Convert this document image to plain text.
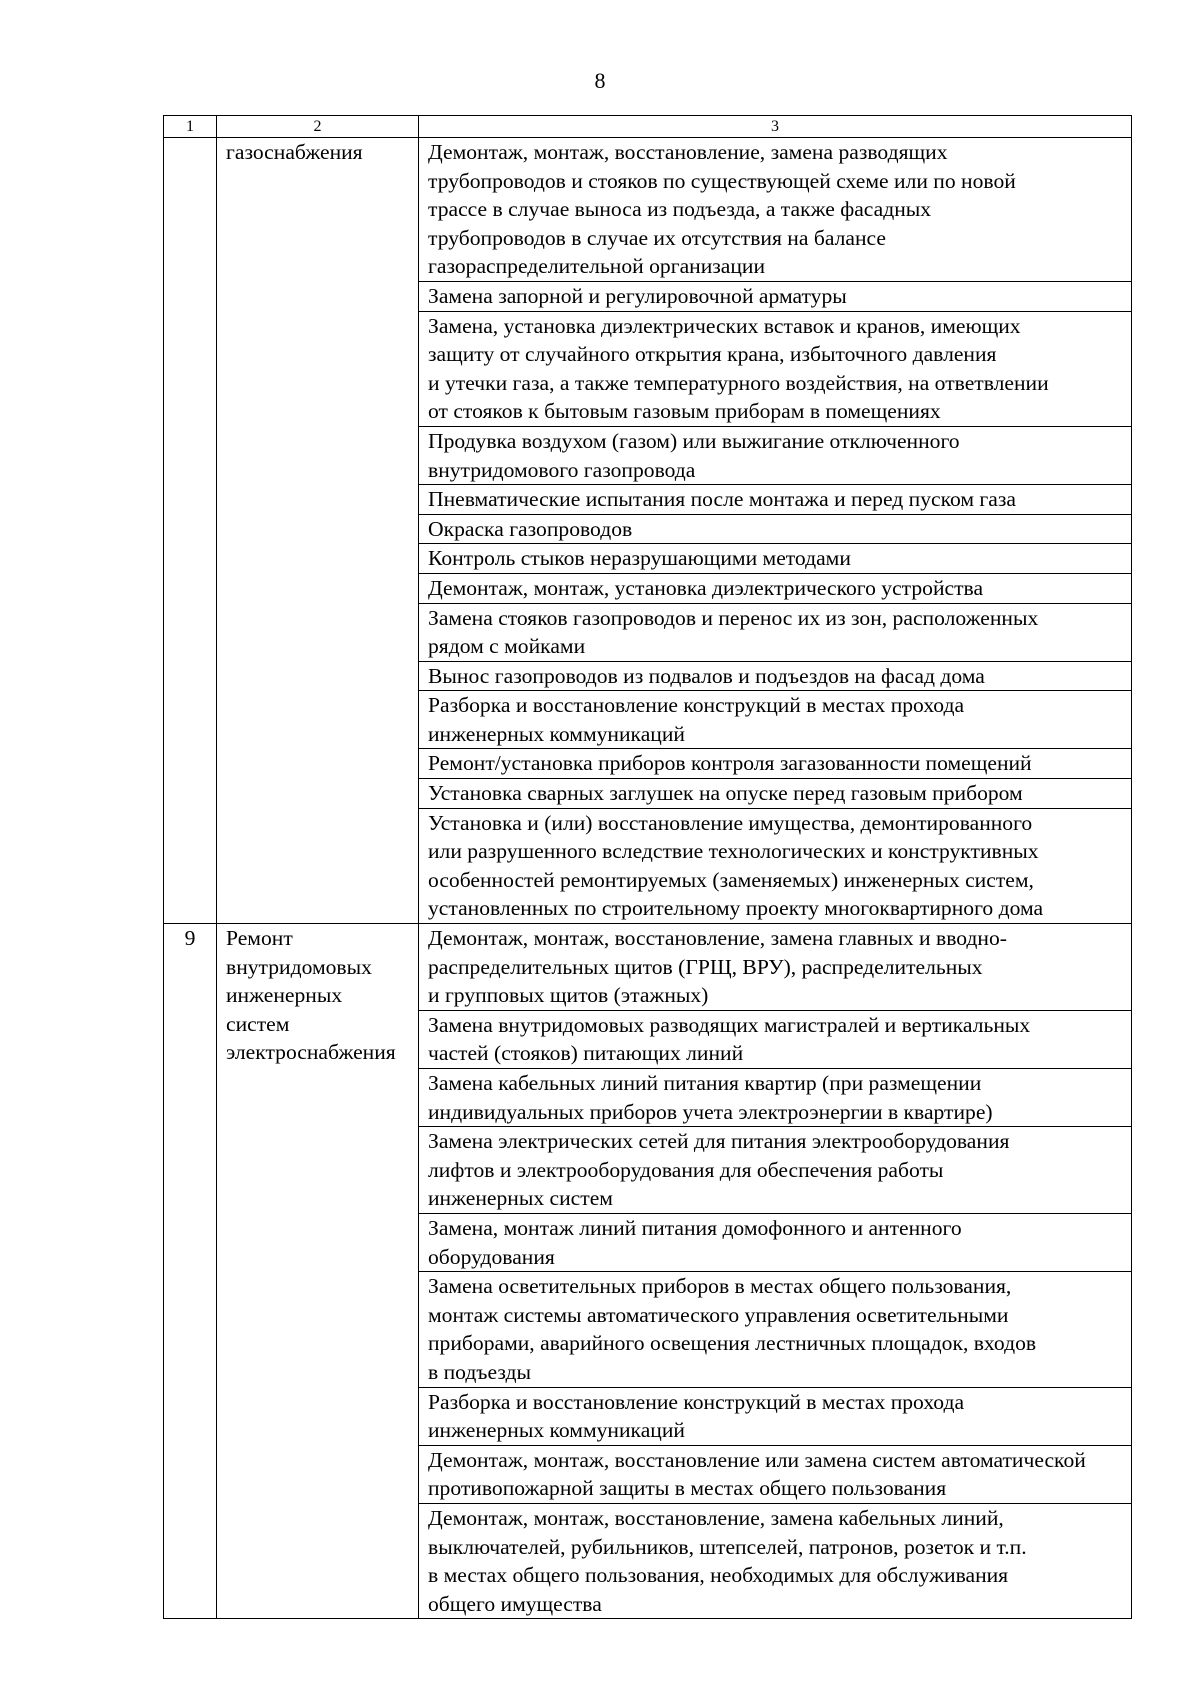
8
1	2	3

	газоснабжения	Демонтаж, монтаж, восстановление, замена разводящих
трубопроводов и стояков по существующей схеме или по новой
трассе в случае выноса из подъезда, а также фасадных
трубопроводов в случае их отсутствия на балансе
газораспределительной организации

		Замена запорной и регулировочной арматуры

		Замена, установка диэлектрических вставок и кранов, имеющих
защиту от случайного открытия крана, избыточного давления
и утечки газа, а также температурного воздействия, на ответвлении
от стояков к бытовым газовым приборам в помещениях

		Продувка воздухом (газом) или выжигание отключенного
внутридомового газопровода

		Пневматические испытания после монтажа и перед пуском газа

		Окраска газопроводов

		Контроль стыков неразрушающими методами

		Демонтаж, монтаж, установка диэлектрического устройства

		Замена стояков газопроводов и перенос их из зон, расположенных
рядом с мойками

		Вынос газопроводов из подвалов и подъездов на фасад дома

		Разборка и восстановление конструкций в местах прохода
инженерных коммуникаций

		Ремонт/установка приборов контроля загазованности помещений

		Установка сварных заглушек на опуске перед газовым прибором

		Установка и (или) восстановление имущества, демонтированного
или разрушенного вследствие технологических и конструктивных
особенностей ремонтируемых (заменяемых) инженерных систем,
установленных по строительному проекту многоквартирного дома

9	Ремонт
внутридомовых
инженерных
систем
электроснабжения	Демонтаж, монтаж, восстановление, замена главных и вводно-
распределительных щитов (ГРЩ, ВРУ), распределительных
и групповых щитов (этажных)

		Замена внутридомовых разводящих магистралей и вертикальных
частей (стояков) питающих линий

		Замена кабельных линий питания квартир (при размещении
индивидуальных приборов учета электроэнергии в квартире)

		Замена электрических сетей для питания электрооборудования
лифтов и электрооборудования для обеспечения работы
инженерных систем

		Замена, монтаж линий питания домофонного и антенного
оборудования

		Замена осветительных приборов в местах общего пользования,
монтаж системы автоматического управления осветительными
приборами, аварийного освещения лестничных площадок, входов
в подъезды

		Разборка и восстановление конструкций в местах прохода
инженерных коммуникаций

		Демонтаж, монтаж, восстановление или замена систем автоматической
противопожарной защиты в местах общего пользования

		Демонтаж, монтаж, восстановление, замена кабельных линий,
выключателей, рубильников, штепселей, патронов, розеток и т.п.
в местах общего пользования, необходимых для обслуживания
общего имущества
